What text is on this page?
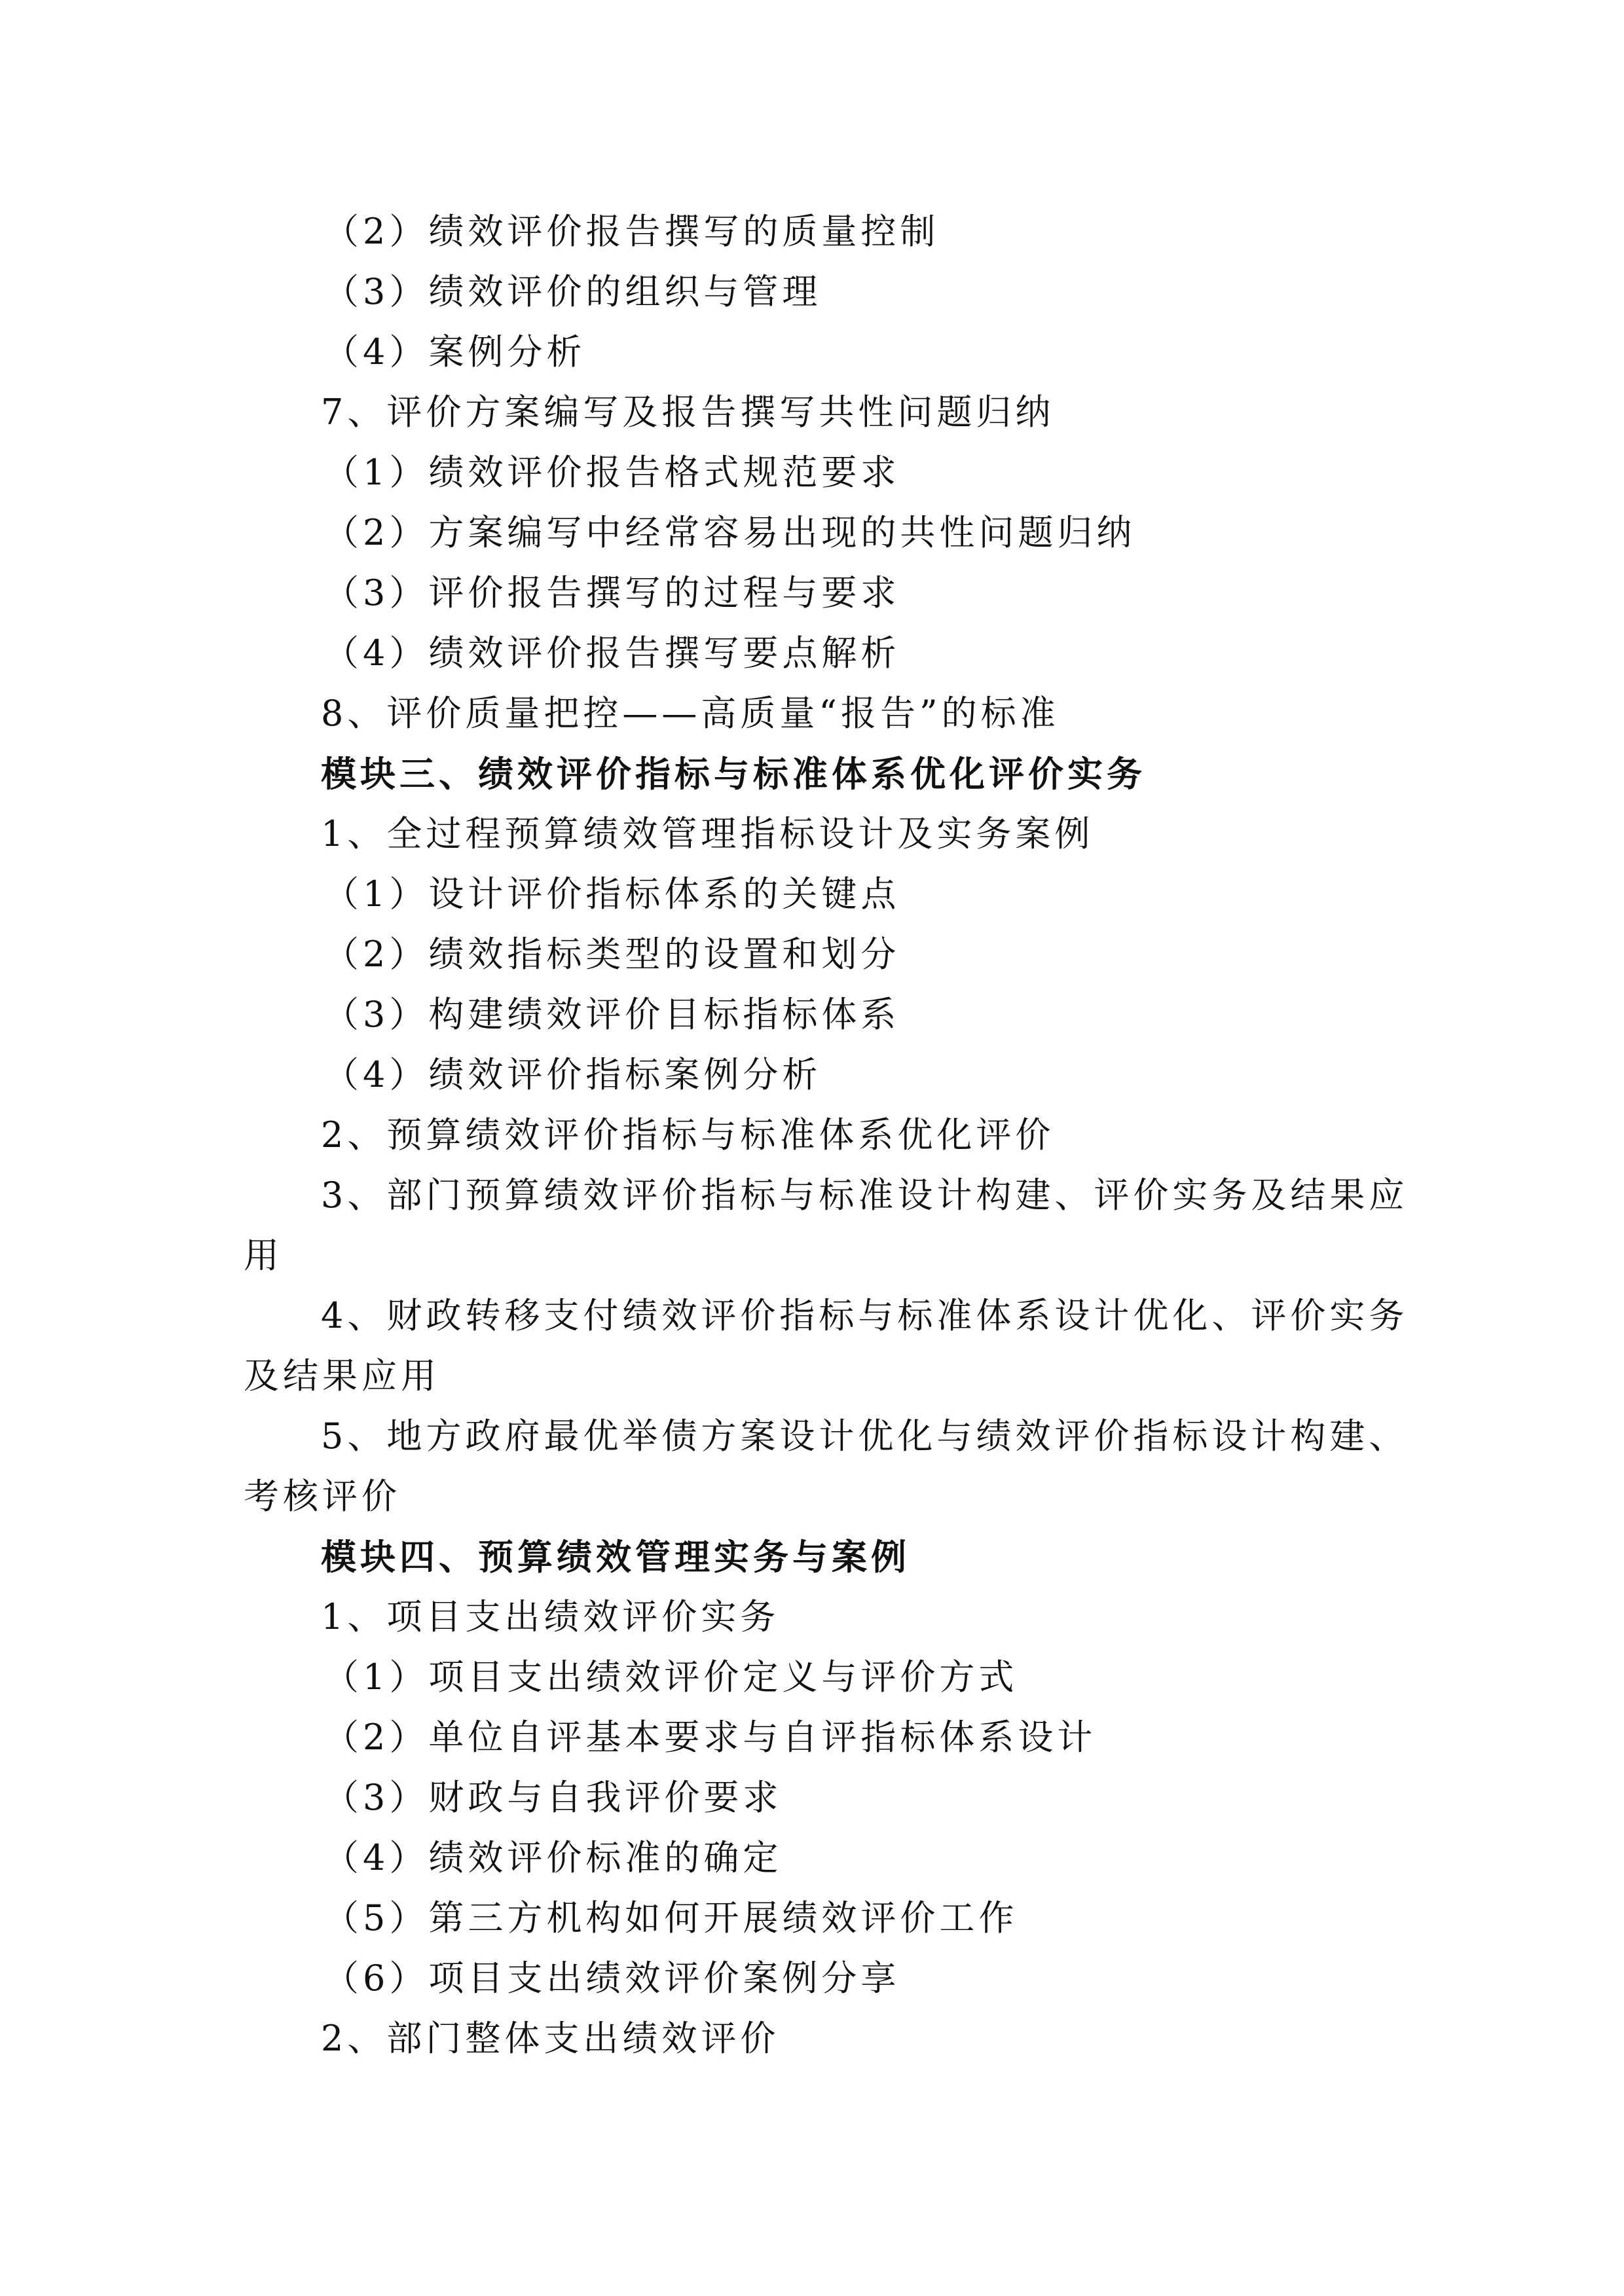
（2）绩效评价报告撰写的质量控制
（3）绩效评价的组织与管理
（4）案例分析
7、评价方案编写及报告撰写共性问题归纳
（1）绩效评价报告格式规范要求
（2）方案编写中经常容易出现的共性问题归纳
（3）评价报告撰写的过程与要求
（4）绩效评价报告撰写要点解析
8、评价质量把控——高质量“报告”的标准
模块三、绩效评价指标与标准体系优化评价实务
1、全过程预算绩效管理指标设计及实务案例
（1）设计评价指标体系的关键点
（2）绩效指标类型的设置和划分
（3）构建绩效评价目标指标体系
（4）绩效评价指标案例分析
2、预算绩效评价指标与标准体系优化评价
3、部门预算绩效评价指标与标准设计构建、评价实务及结果应
用
4、财政转移支付绩效评价指标与标准体系设计优化、评价实务
及结果应用
5、地方政府最优举债方案设计优化与绩效评价指标设计构建、
考核评价
模块四、预算绩效管理实务与案例
1、项目支出绩效评价实务
（1）项目支出绩效评价定义与评价方式
（2）单位自评基本要求与自评指标体系设计
（3）财政与自我评价要求
（4）绩效评价标准的确定
（5）第三方机构如何开展绩效评价工作
（6）项目支出绩效评价案例分享
2、部门整体支出绩效评价
